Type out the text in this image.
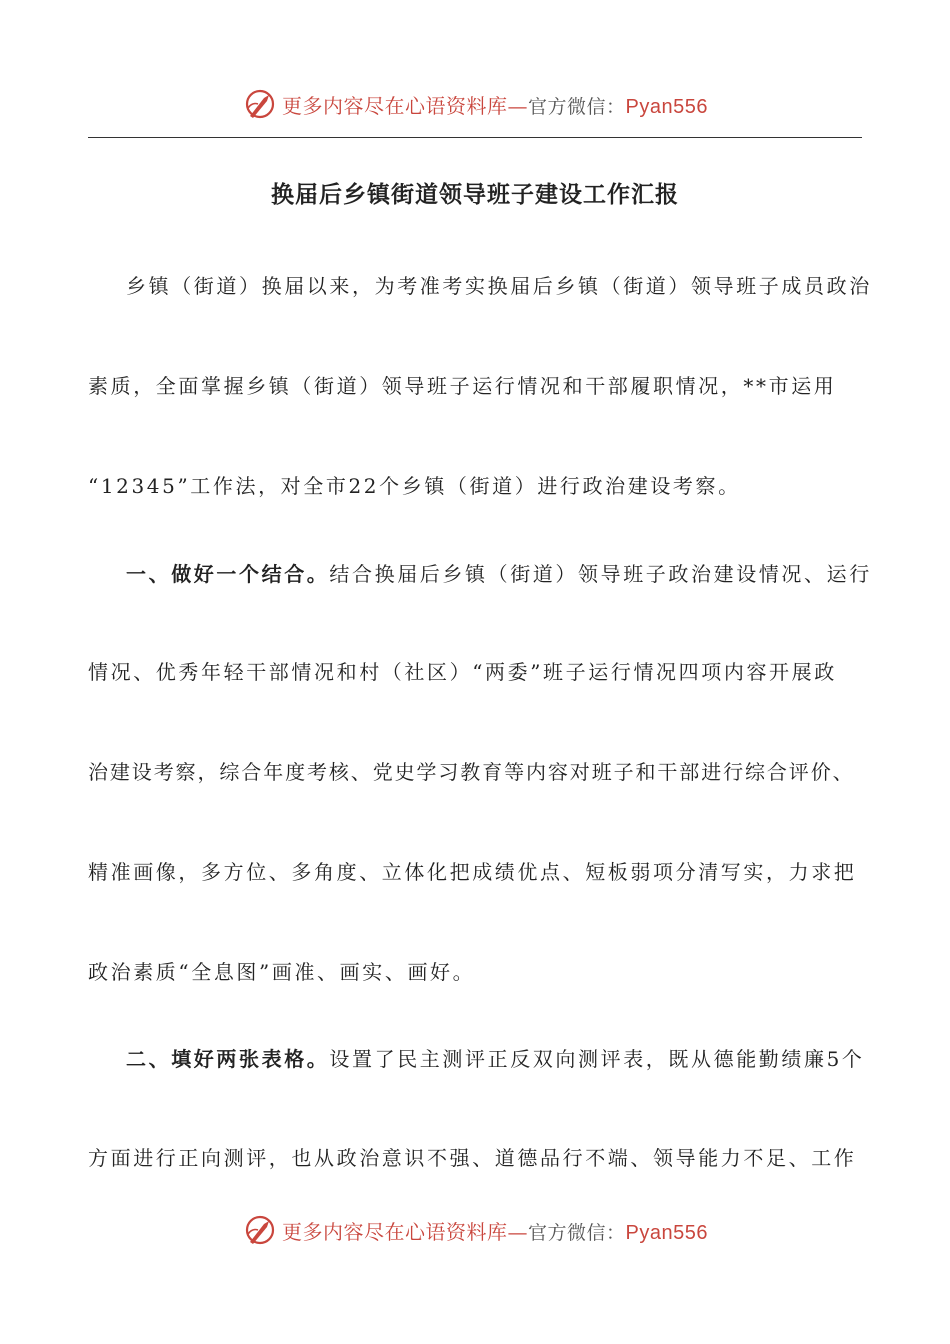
更多内容尽在心语资料库—官方微信：Pyan556
换届后乡镇街道领导班子建设工作汇报
乡镇（街道）换届以来，为考准考实换届后乡镇（街道）领导班子成员政治
素质，全面掌握乡镇（街道）领导班子运行情况和干部履职情况，**市运用
“12345”工作法，对全市22个乡镇（街道）进行政治建设考察。
一、做好一个结合。结合换届后乡镇（街道）领导班子政治建设情况、运行
情况、优秀年轻干部情况和村（社区）“两委”班子运行情况四项内容开展政
治建设考察，综合年度考核、党史学习教育等内容对班子和干部进行综合评价、
精准画像，多方位、多角度、立体化把成绩优点、短板弱项分清写实，力求把
政治素质“全息图”画准、画实、画好。
二、填好两张表格。设置了民主测评正反双向测评表，既从德能勤绩廉5个
方面进行正向测评，也从政治意识不强、道德品行不端、领导能力不足、工作
更多内容尽在心语资料库—官方微信：Pyan556
